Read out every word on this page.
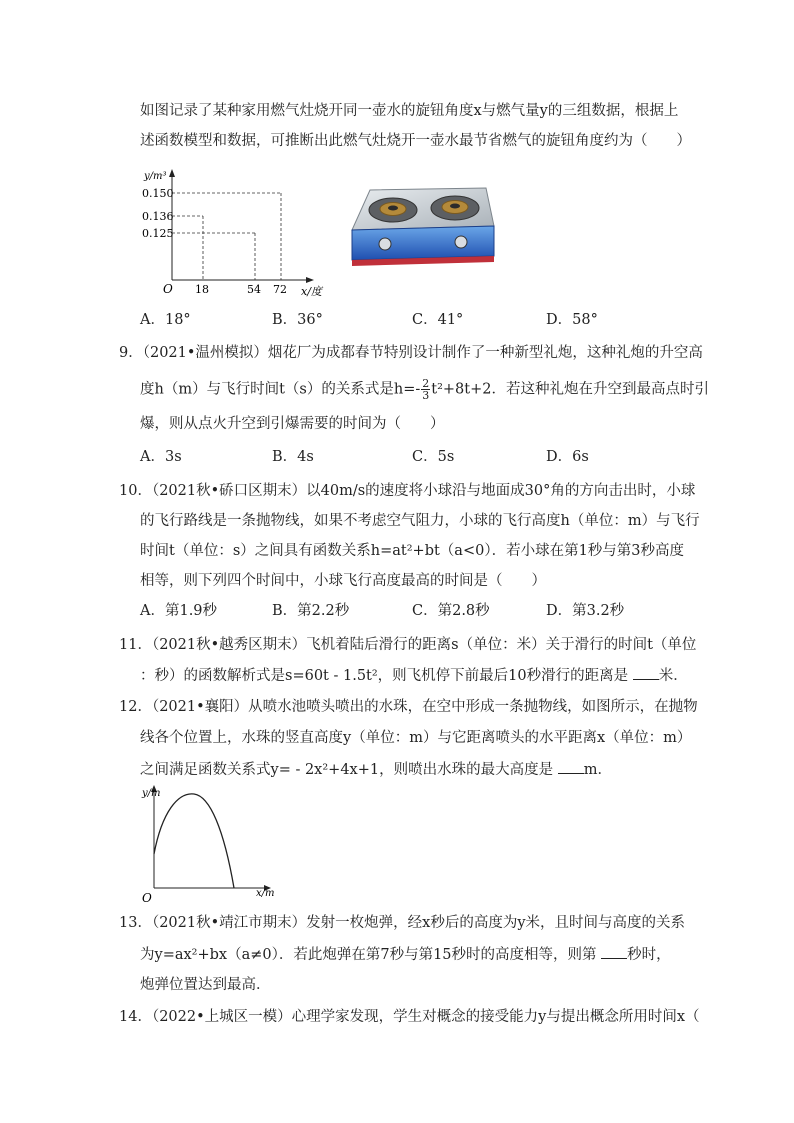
如图记录了某种家用燃气灶烧开同一壶水的旋钮角度x与燃气量y的三组数据，根据上
述函数模型和数据，可推断出此燃气灶烧开一壶水最节省燃气的旋钮角度约为（　　）
y/m³
0.150
0.136
0.125
O 18	54 72 x/度
A．18°	B．36°	C．41°	D．58°
9．（2021•温州模拟）烟花厂为成都春节特别设计制作了一种新型礼炮，这种礼炮的升空高
度h（m）与飞行时间t（s）的关系式是$h=- \frac{2}{3} t^2+8t+2$．若这种礼炮在升空到最高点时引
爆，则从点火升空到引爆需要的时间为（　　）
A．3s	B．4s	C．5s	D．6s
10．（2021秋•硚口区期末）以40m/s的速度将小球沿与地面成30°角的方向击出时，小球
的飞行路线是一条抛物线，如果不考虑空气阻力，小球的飞行高度h（单位：m）与飞行
时间t（单位：s）之间具有函数关系h=at²+bt（a<0）．若小球在第1秒与第3秒高度
相等，则下列四个时间中，小球飞行高度最高的时间是（　　）
A．第1.9秒	B．第2.2秒	C．第2.8秒	D．第3.2秒
11．（2021秋•越秀区期末）飞机着陆后滑行的距离s（单位：米）关于滑行的时间t（单位
：秒）的函数解析式是s=60t - 1.5t²，则飞机停下前最后10秒滑行的距离是 米．
12．（2021•襄阳）从喷水池喷头喷出的水珠，在空中形成一条抛物线，如图所示，在抛物
线各个位置上，水珠的竖直高度y（单位：m）与它距离喷头的水平距离x（单位：m）
之间满足函数关系式y= - 2x²+4x+1，则喷出水珠的最大高度是 m．
y/m
O	x/m
13．（2021秋•靖江市期末）发射一枚炮弹，经x秒后的高度为y米，且时间与高度的关系
为y=ax²+bx（a≠0）．若此炮弹在第7秒与第15秒时的高度相等，则第 秒时，
炮弹位置达到最高．
14．（2022•上城区一模）心理学家发现，学生对概念的接受能力y与提出概念所用时间x（
